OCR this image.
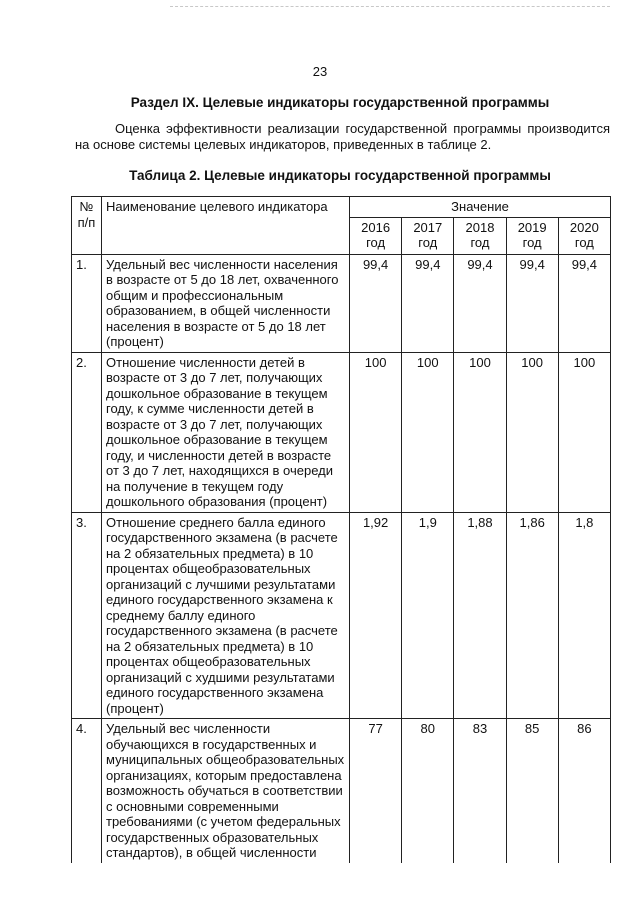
23
Раздел IX. Целевые индикаторы государственной программы
Оценка эффективности реализации государственной программы производится на основе системы целевых индикаторов, приведенных в таблице 2.
Таблица 2. Целевые индикаторы государственной программы
№ п/п	Наименование целевого индикатора	Значение				
		2016 год	2017 год	2018 год	2019 год	2020 год
1.	Удельный вес численности населения в возрасте от 5 до 18 лет, охваченного общим и профессиональным образованием, в общей численности населения в возрасте от 5 до 18 лет (процент)	99,4	99,4	99,4	99,4	99,4
2.	Отношение численности детей в возрасте от 3 до 7 лет, получающих дошкольное образование в текущем году, к сумме численности детей в возрасте от 3 до 7 лет, получающих дошкольное образование в текущем году, и численности детей в возрасте от 3 до 7 лет, находящихся в очереди на получение в текущем году дошкольного образования (процент)	100	100	100	100	100
3.	Отношение среднего балла единого государственного экзамена (в расчете на 2 обязательных предмета) в 10 процентах общеобразовательных организаций с лучшими результатами единого государственного экзамена к среднему баллу единого государственного экзамена (в расчете на 2 обязательных предмета) в 10 процентах общеобразовательных организаций с худшими результатами единого государственного экзамена (процент)	1,92	1,9	1,88	1,86	1,8
4.	Удельный вес численности обучающихся в государственных и муниципальных общеобразовательных организациях, которым предоставлена возможность обучаться в соответствии с основными современными требованиями (с учетом федеральных государственных образовательных стандартов), в общей численности	77	80	83	85	86
